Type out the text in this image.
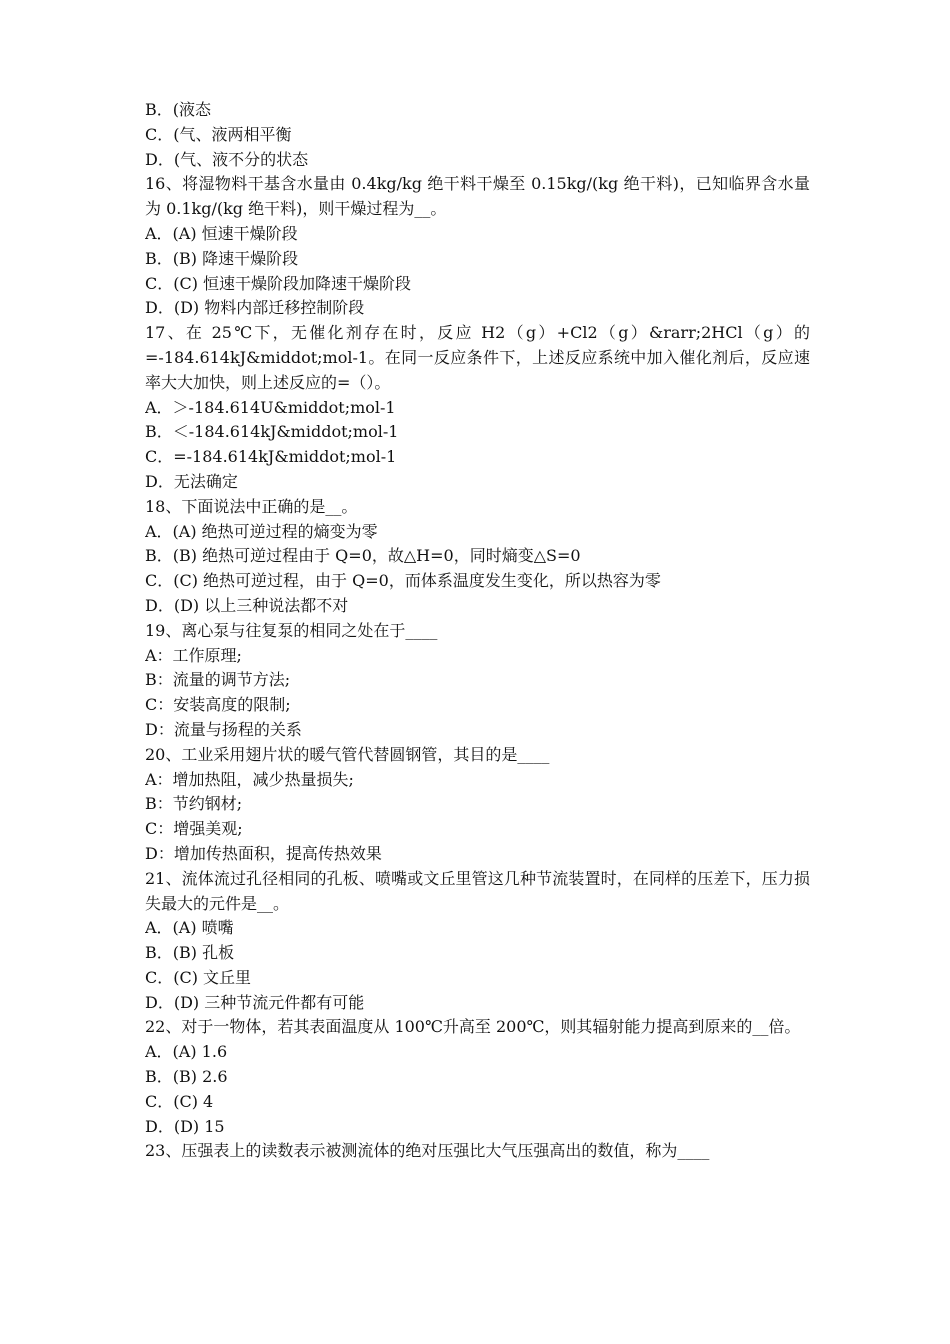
B．(液态
C．(气、液两相平衡
D．(气、液不分的状态
16、将湿物料干基含水量由 0.4kg/kg 绝干料干燥至 0.15kg/(kg 绝干料)，已知临界含水量为 0.1kg/(kg 绝干料)，则干燥过程为__。
A．(A) 恒速干燥阶段
B．(B) 降速干燥阶段
C．(C) 恒速干燥阶段加降速干燥阶段
D．(D) 物料内部迁移控制阶段
17、在 25℃下，无催化剂存在时，反应 H2（g）+Cl2（g）&rarr;2HCl（g）的=-184.614kJ&middot;mol-1。在同一反应条件下，上述反应系统中加入催化剂后，反应速率大大加快，则上述反应的=（）。
A．＞-184.614U&middot;mol-1
B．＜-184.614kJ&middot;mol-1
C．=-184.614kJ&middot;mol-1
D．无法确定
18、下面说法中正确的是__。
A．(A) 绝热可逆过程的熵变为零
B．(B) 绝热可逆过程由于 Q=0，故△H=0，同时熵变△S=0
C．(C) 绝热可逆过程，由于 Q=0，而体系温度发生变化，所以热容为零
D．(D) 以上三种说法都不对
19、离心泵与往复泵的相同之处在于____
A：工作原理;
B：流量的调节方法;
C：安装高度的限制;
D：流量与扬程的关系
20、工业采用翅片状的暖气管代替圆钢管，其目的是____
A：增加热阻，减少热量损失;
B：节约钢材;
C：增强美观;
D：增加传热面积，提高传热效果
21、流体流过孔径相同的孔板、喷嘴或文丘里管这几种节流装置时，在同样的压差下，压力损失最大的元件是__。
A．(A) 喷嘴
B．(B) 孔板
C．(C) 文丘里
D．(D) 三种节流元件都有可能
22、对于一物体，若其表面温度从 100℃升高至 200℃，则其辐射能力提高到原来的__倍。
A．(A) 1.6
B．(B) 2.6
C．(C) 4
D．(D) 15
23、压强表上的读数表示被测流体的绝对压强比大气压强高出的数值，称为____
